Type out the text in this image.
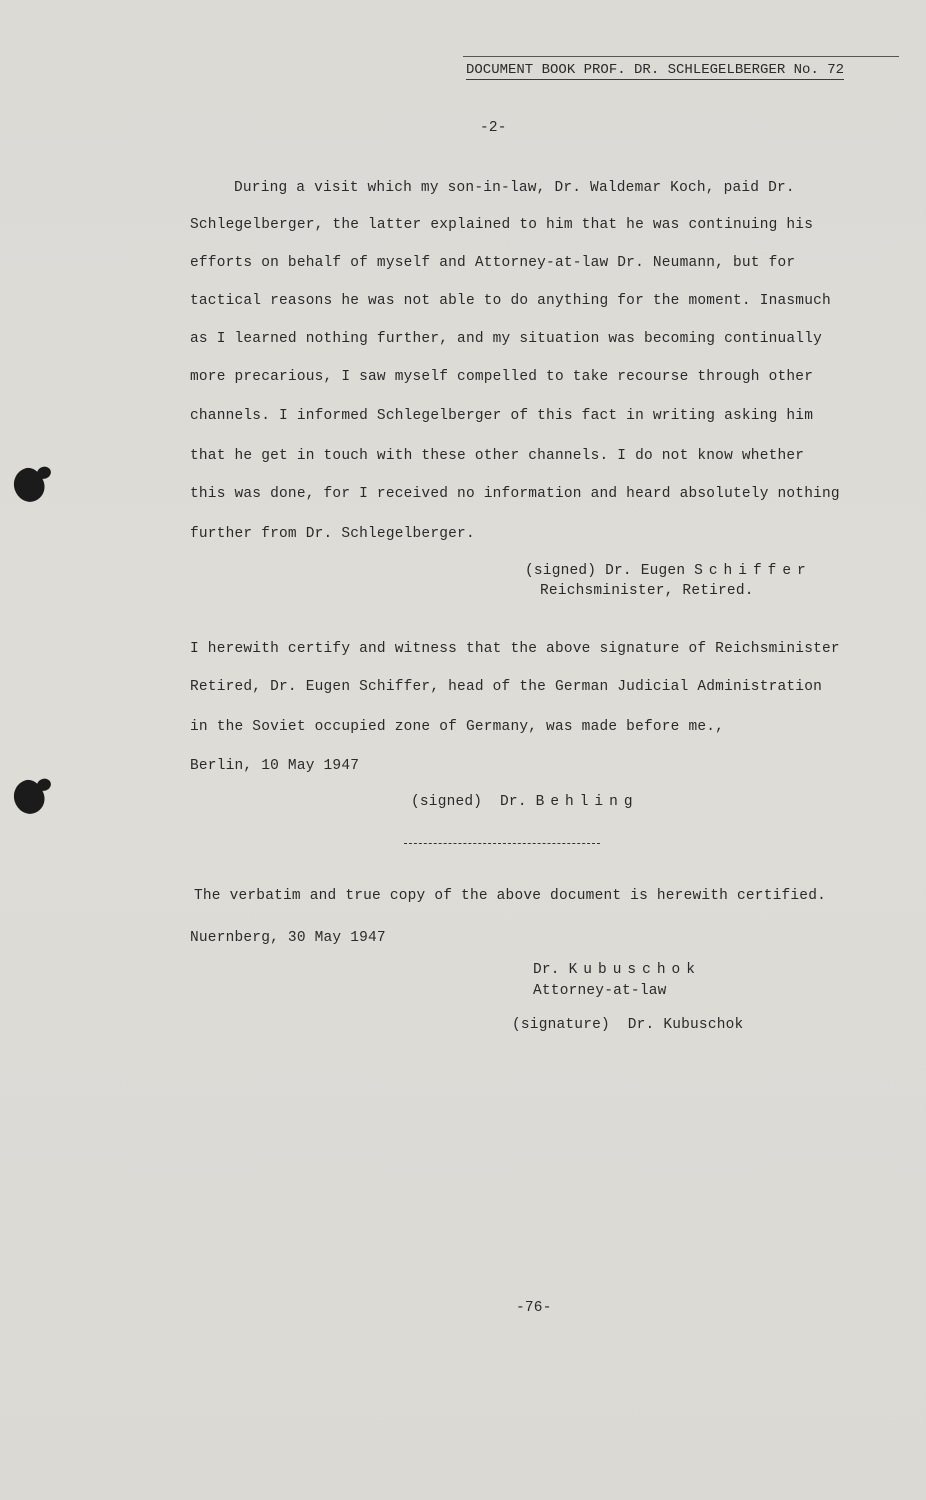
DOCUMENT BOOK PROF. DR. SCHLEGELBERGER No. 72
-2-
During a visit which my son-in-law, Dr. Waldemar Koch, paid Dr.
Schlegelberger, the latter explained to him that he was continuing his
efforts on behalf of myself and Attorney-at-law Dr. Neumann, but for
tactical reasons he was not able to do anything for the moment. Inasmuch
as I learned nothing further, and my situation was becoming continually
more precarious, I saw myself compelled to take recourse through other
channels. I informed Schlegelberger of this fact in writing asking him
that he get in touch with these other channels. I do not know whether
this was done, for I received no information and heard absolutely nothing
further from Dr. Schlegelberger.
(signed) Dr. Eugen Schiffer
Reichsminister, Retired.
I herewith certify and witness that the above signature of Reichsminister
Retired, Dr. Eugen Schiffer, head of the German Judicial Administration
in the Soviet occupied zone of Germany, was made before me.,
Berlin, 10 May 1947
(signed)  Dr. Behling
The verbatim and true copy of the above document is herewith certified.
Nuernberg, 30 May 1947
Dr. Kubuschok
Attorney-at-law
(signature)  Dr. Kubuschok
-76-
